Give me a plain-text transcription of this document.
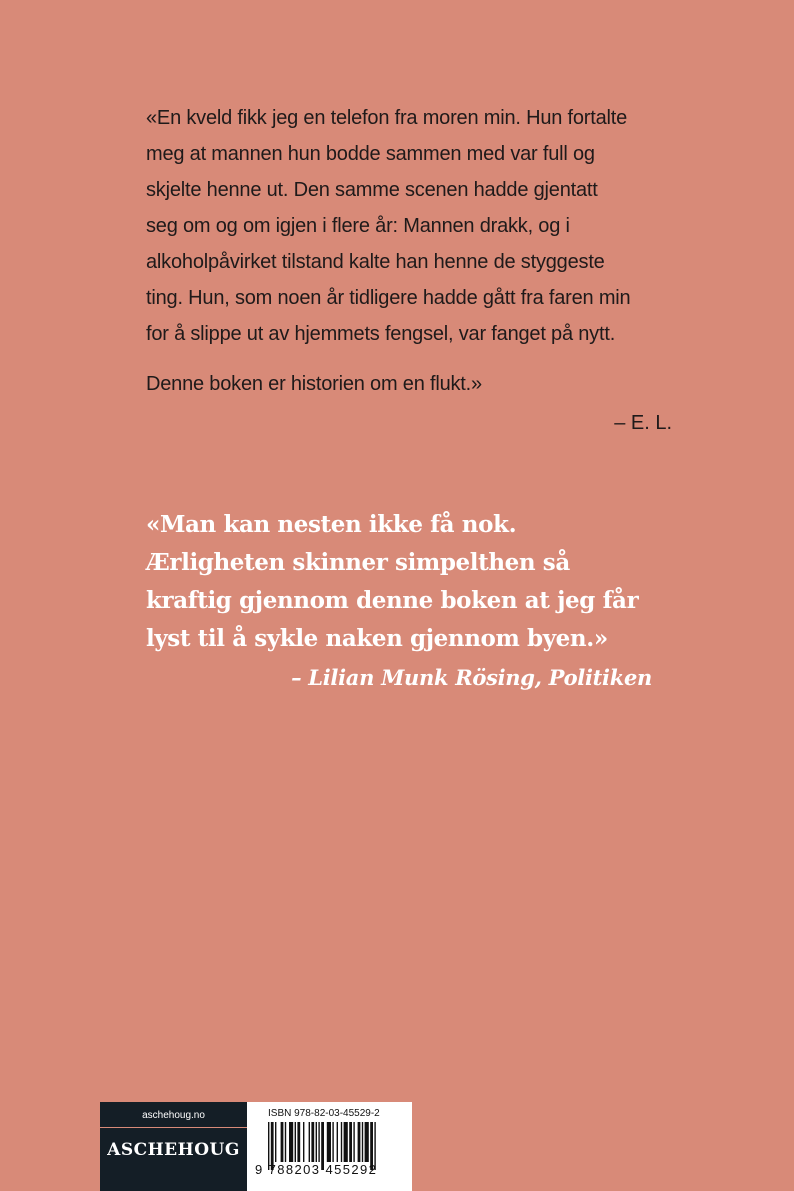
«En kveld fikk jeg en telefon fra moren min. Hun fortalte
meg at mannen hun bodde sammen med var full og
skjelte henne ut. Den samme scenen hadde gjentatt
seg om og om igjen i flere år: Mannen drakk, og i
alkoholpåvirket tilstand kalte han henne de styggeste
ting. Hun, som noen år tidligere hadde gått fra faren min
for å slippe ut av hjemmets fengsel, var fanget på nytt.

Denne boken er historien om en flukt.»

– E. L.
«Man kan nesten ikke få nok.
Ærligheten skinner simpelthen så
kraftig gjennom denne boken at jeg får
lyst til å sykle naken gjennom byen.»
– Lilian Munk Rösing, Politiken
aschehoug.no
ASCHEHOUG
ISBN 978-82-03-45529-2
9 788203 455292
